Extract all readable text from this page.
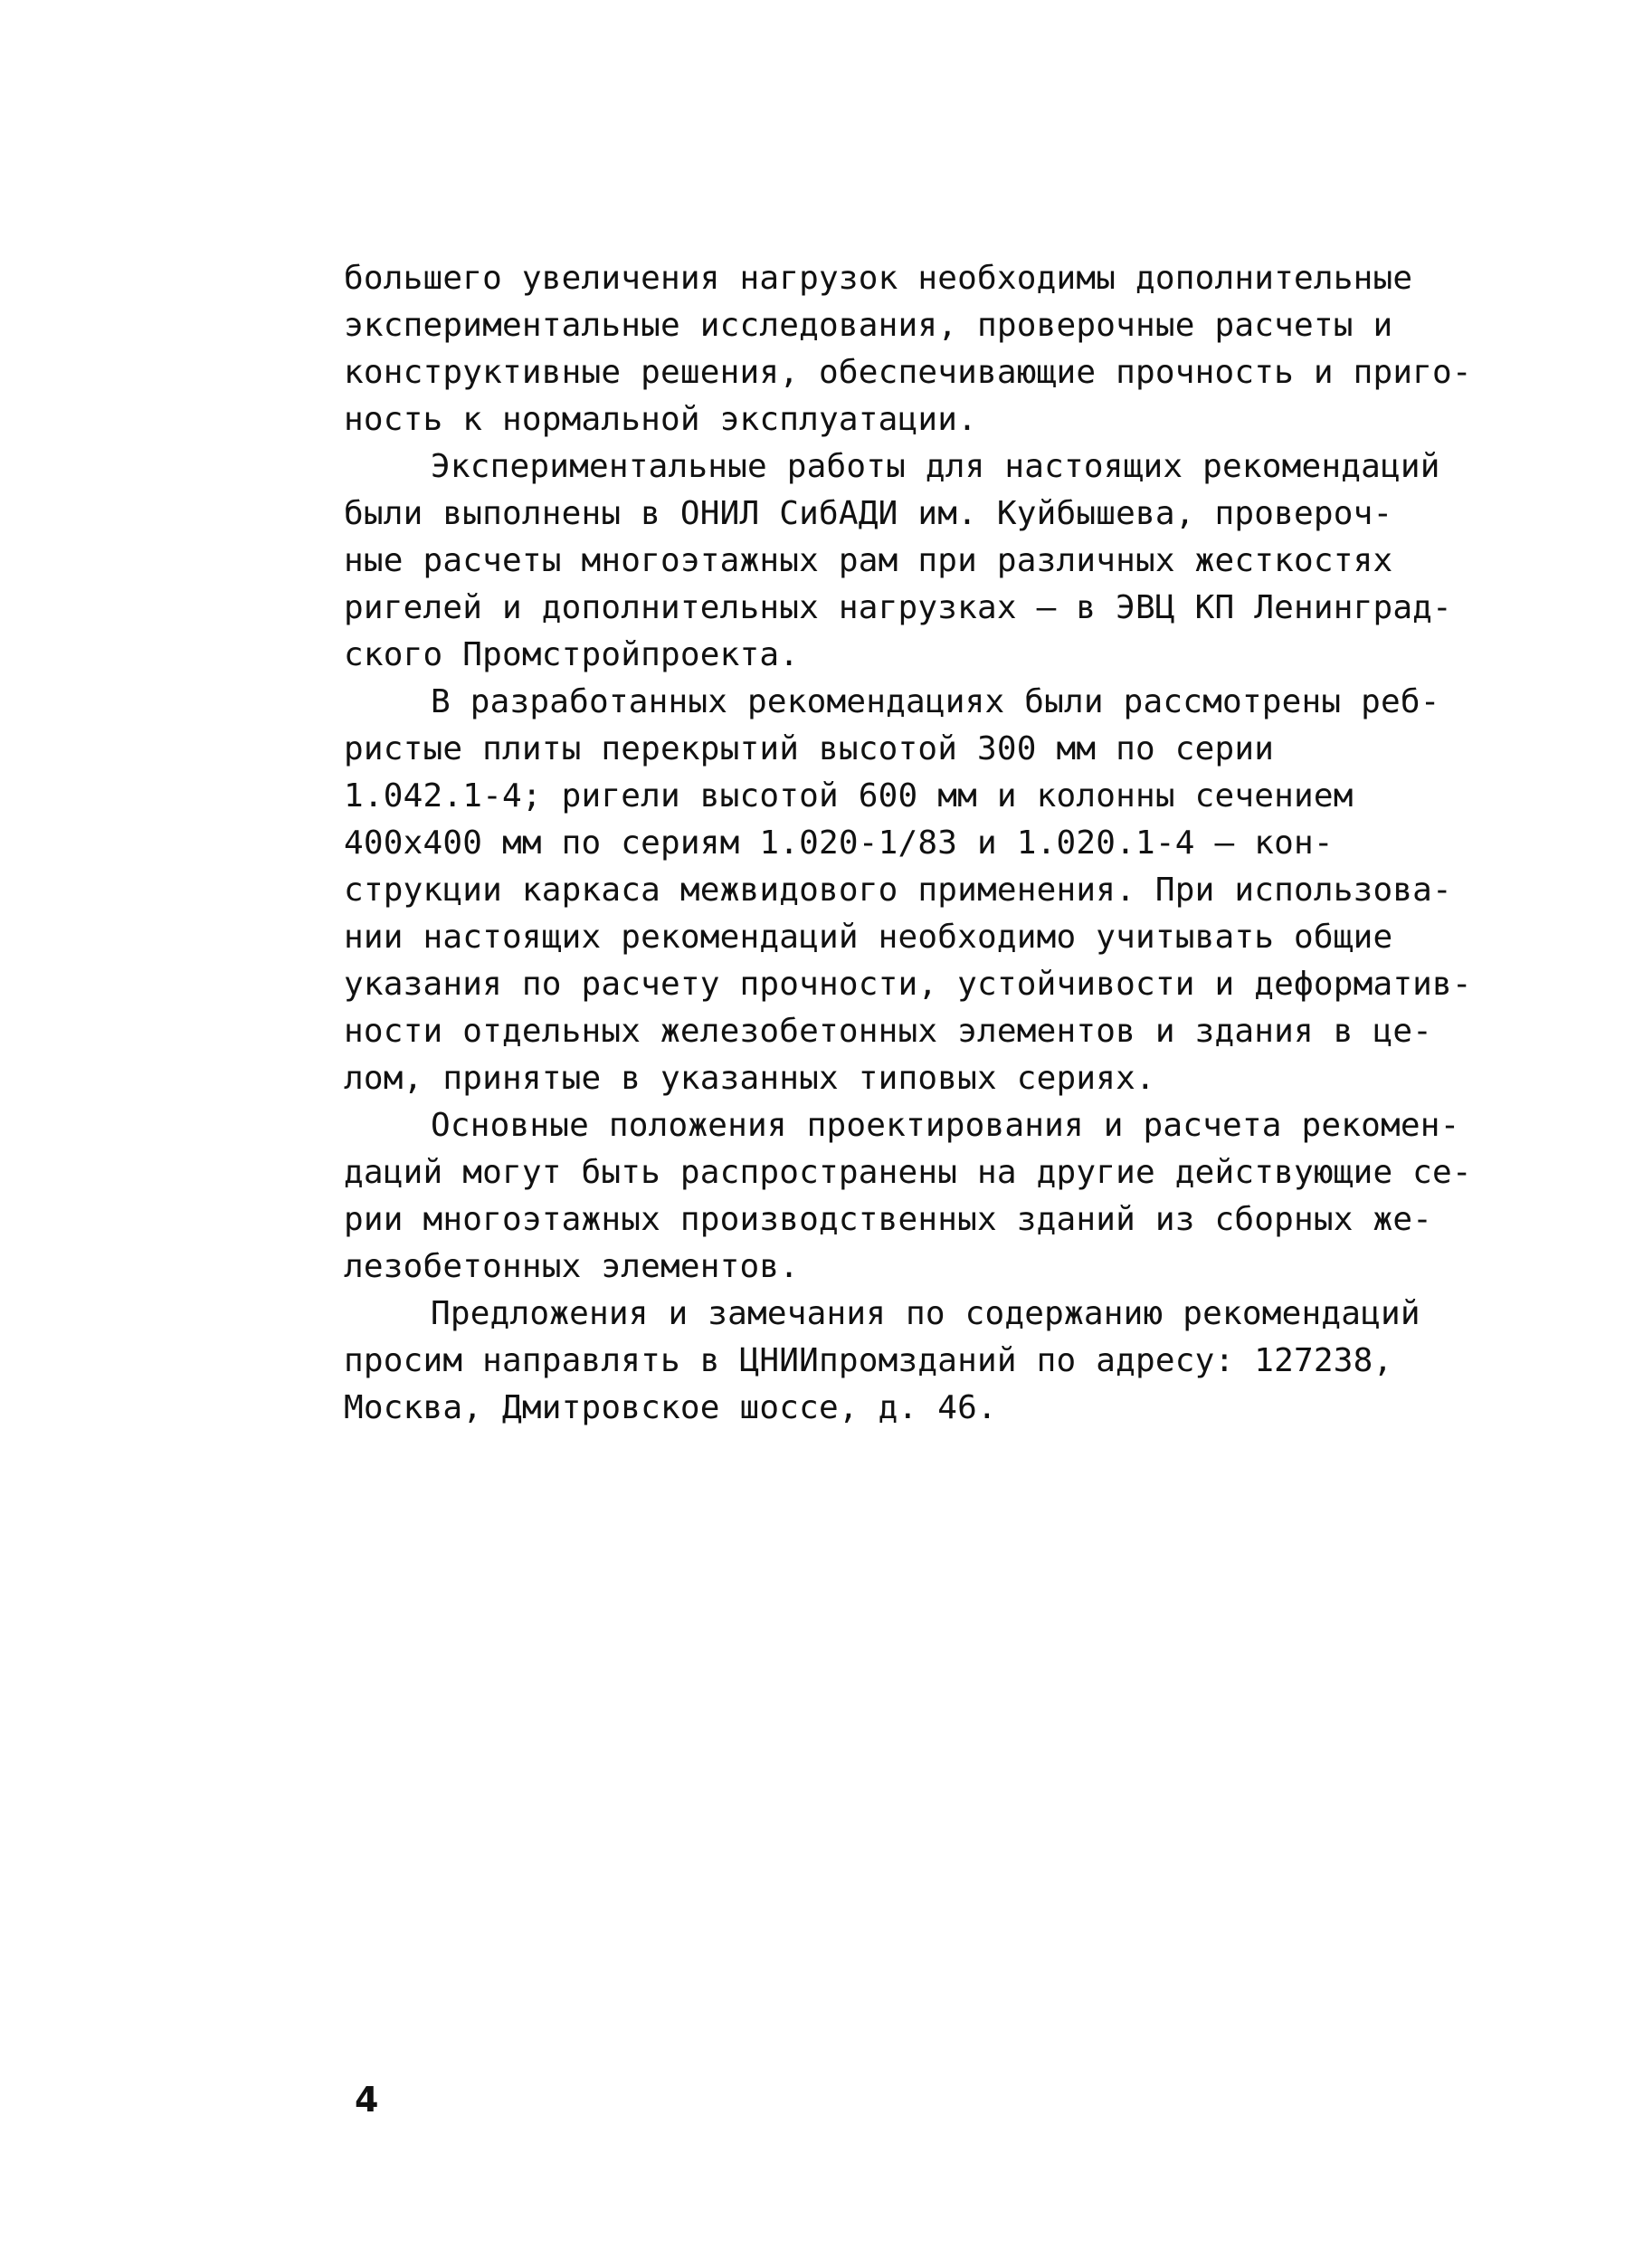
большего увеличения нагрузок необходимы дополнительные
экспериментальные исследования, проверочные расчеты и
конструктивные решения, обеспечивающие прочность и приго-
ность к нормальной эксплуатации.
Экспериментальные работы для настоящих рекомендаций
были выполнены в ОНИЛ СибАДИ им. Куйбышева, провероч-
ные расчеты многоэтажных рам при различных жесткостях
ригелей и дополнительных нагрузках – в ЭВЦ КП Ленинград-
ского Промстройпроекта.
В разработанных рекомендациях были рассмотрены реб-
ристые плиты перекрытий высотой 300 мм по серии
1.042.1-4; ригели высотой 600 мм и колонны сечением
400x400 мм по сериям 1.020-1/83 и 1.020.1-4 – кон-
струкции каркаса межвидового применения. При использова-
нии настоящих рекомендаций необходимо учитывать общие
указания по расчету прочности, устойчивости и деформатив-
ности отдельных железобетонных элементов и здания в це-
лом, принятые в указанных типовых сериях.
Основные положения проектирования и расчета рекомен-
даций могут быть распространены на другие действующие се-
рии многоэтажных производственных зданий из сборных же-
лезобетонных элементов.
Предложения и замечания по содержанию рекомендаций
просим направлять в ЦНИИпромзданий по адресу: 127238,
Москва, Дмитровское шоссе, д. 46.
4
